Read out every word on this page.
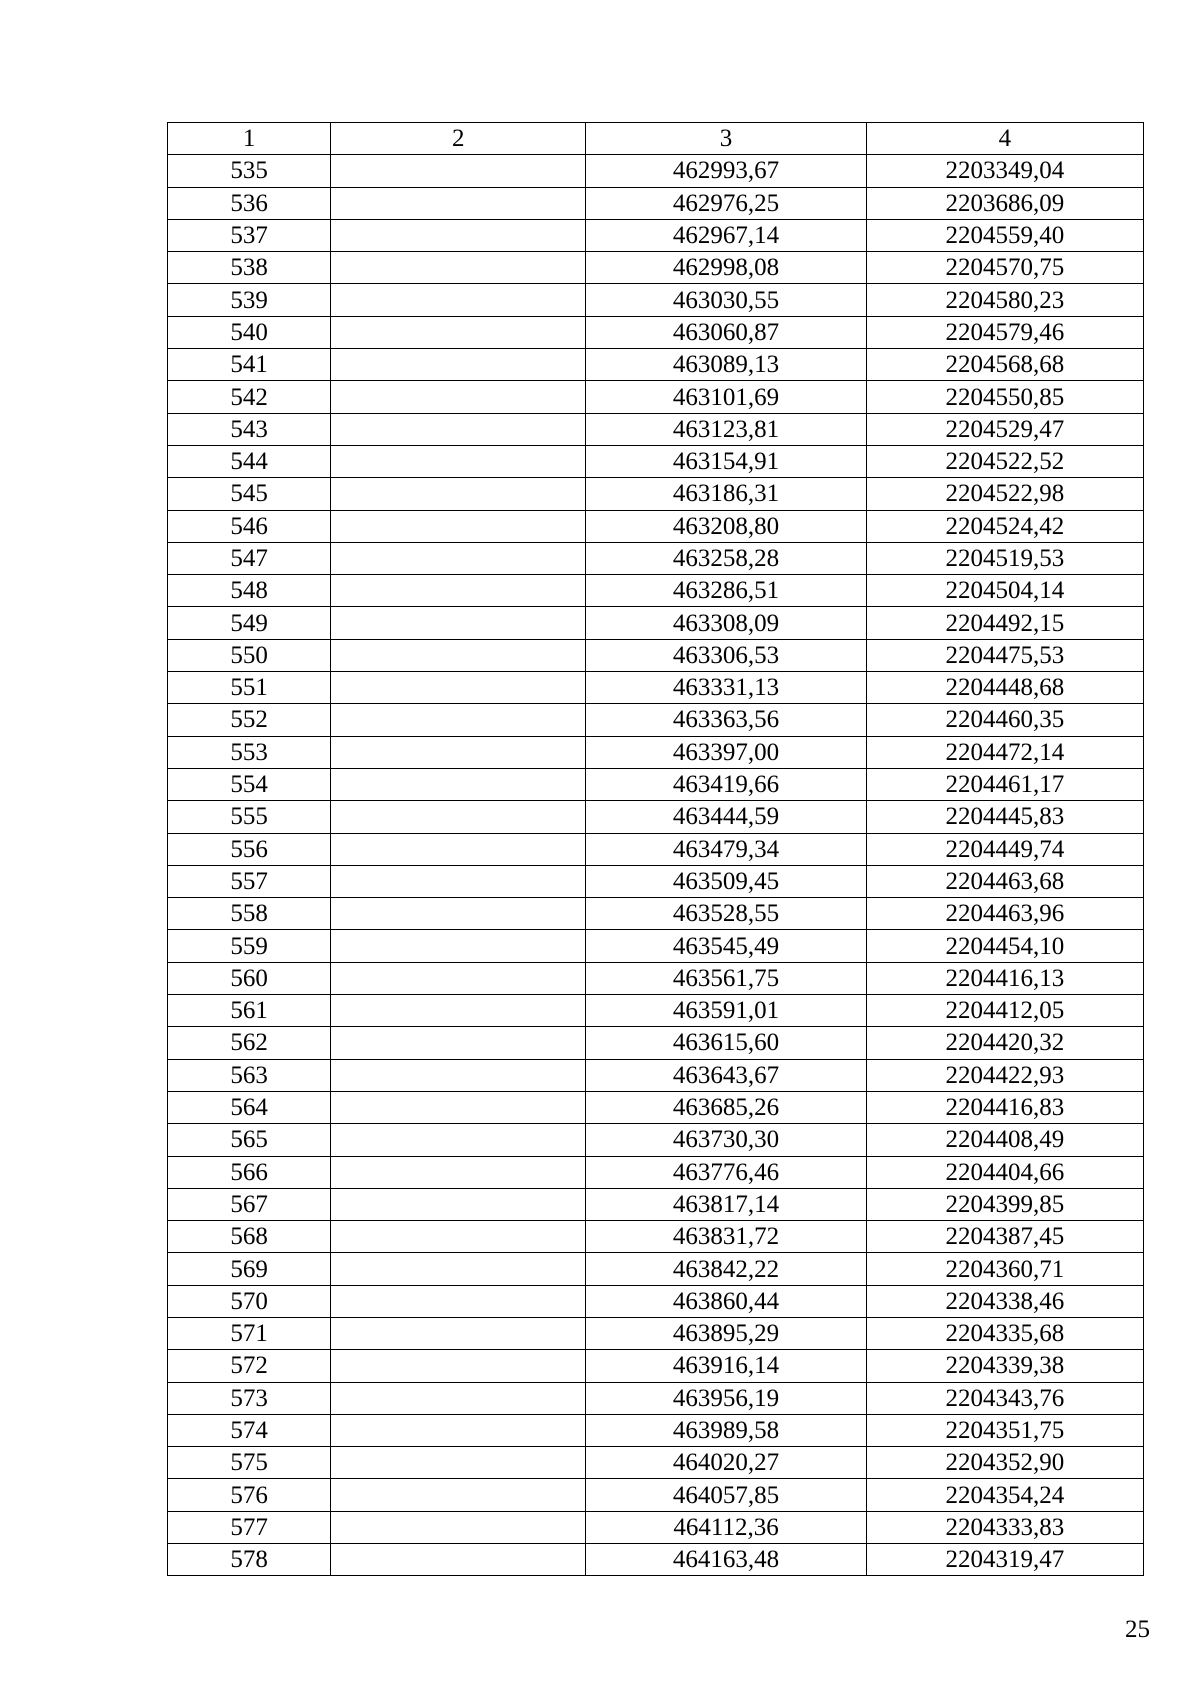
1	2	3	4
535		462993,67	2203349,04
536		462976,25	2203686,09
537		462967,14	2204559,40
538		462998,08	2204570,75
539		463030,55	2204580,23
540		463060,87	2204579,46
541		463089,13	2204568,68
542		463101,69	2204550,85
543		463123,81	2204529,47
544		463154,91	2204522,52
545		463186,31	2204522,98
546		463208,80	2204524,42
547		463258,28	2204519,53
548		463286,51	2204504,14
549		463308,09	2204492,15
550		463306,53	2204475,53
551		463331,13	2204448,68
552		463363,56	2204460,35
553		463397,00	2204472,14
554		463419,66	2204461,17
555		463444,59	2204445,83
556		463479,34	2204449,74
557		463509,45	2204463,68
558		463528,55	2204463,96
559		463545,49	2204454,10
560		463561,75	2204416,13
561		463591,01	2204412,05
562		463615,60	2204420,32
563		463643,67	2204422,93
564		463685,26	2204416,83
565		463730,30	2204408,49
566		463776,46	2204404,66
567		463817,14	2204399,85
568		463831,72	2204387,45
569		463842,22	2204360,71
570		463860,44	2204338,46
571		463895,29	2204335,68
572		463916,14	2204339,38
573		463956,19	2204343,76
574		463989,58	2204351,75
575		464020,27	2204352,90
576		464057,85	2204354,24
577		464112,36	2204333,83
578		464163,48	2204319,47
25
